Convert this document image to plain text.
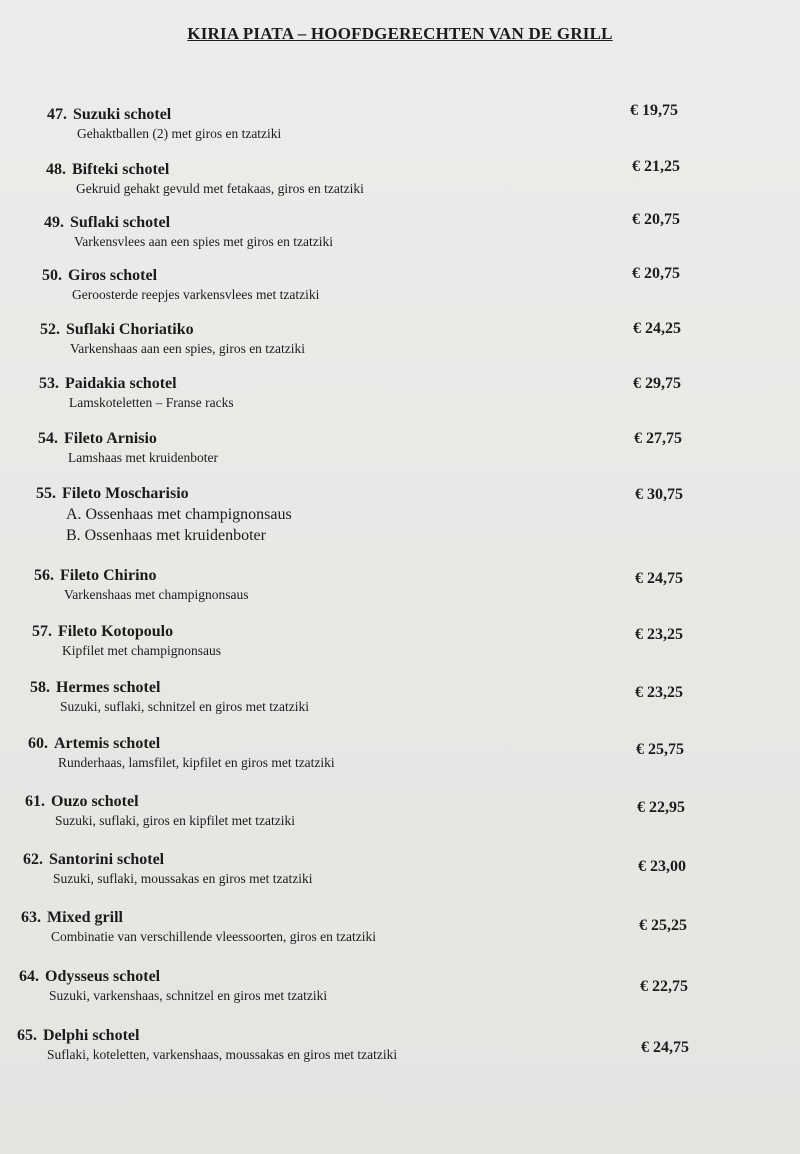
KIRIA PIATA – HOOFDGERECHTEN VAN DE GRILL
47. Suzuki schotel
Gehaktballen (2) met giros en tzatziki
€ 19,75
48. Bifteki schotel
Gekruid gehakt gevuld met fetakaas, giros en tzatziki
€ 21,25
49. Suflaki schotel
Varkensvlees aan een spies met giros en tzatziki
€ 20,75
50. Giros schotel
Geroosterde reepjes varkensvlees met tzatziki
€ 20,75
52. Suflaki Choriatiko
Varkenshaas aan een spies, giros en tzatziki
€ 24,25
53. Paidakia schotel
Lamskoteletten – Franse racks
€ 29,75
54. Fileto Arnisio
Lamshaas met kruidenboter
€ 27,75
55. Fileto Moscharisio
A. Ossenhaas met champignonsaus
B. Ossenhaas met kruidenboter
€ 30,75
56. Fileto Chirino
Varkenshaas met champignonsaus
€ 24,75
57. Fileto Kotopoulo
Kipfilet met champignonsaus
€ 23,25
58. Hermes schotel
Suzuki, suflaki, schnitzel en giros met tzatziki
€ 23,25
60. Artemis schotel
Runderhaas, lamsfilet, kipfilet en giros met tzatziki
€ 25,75
61. Ouzo schotel
Suzuki, suflaki, giros en kipfilet met tzatziki
€ 22,95
62. Santorini schotel
Suzuki, suflaki, moussakas en giros met tzatziki
€ 23,00
63. Mixed grill
Combinatie van verschillende vleessoorten, giros en tzatziki
€ 25,25
64. Odysseus schotel
Suzuki, varkenshaas, schnitzel en giros met tzatziki
€ 22,75
65. Delphi schotel
Suflaki, koteletten, varkenshaas, moussakas en giros met tzatziki	€ 24,75
